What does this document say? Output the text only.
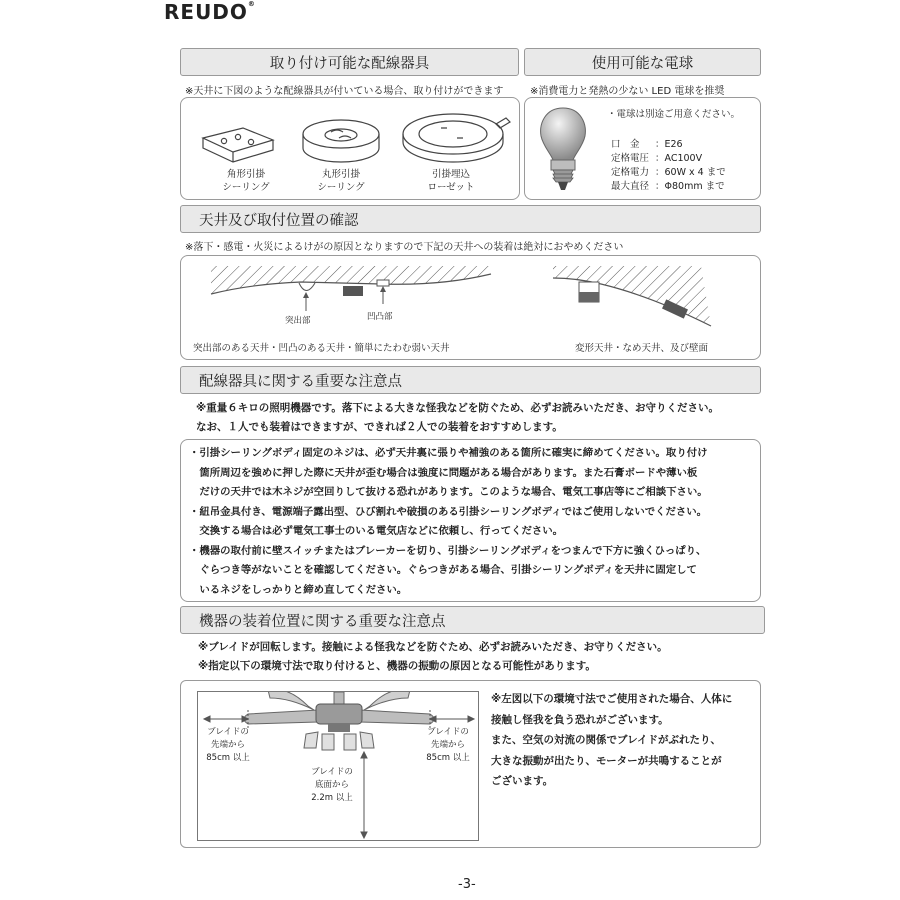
REUDO®
取り付け可能な配線器具	使用可能な電球
※天井に下図のような配線器具が付いている場合、取り付けができます	※消費電力と発熱の少ない LED 電球を推奨
角形引掛
シーリング
丸形引掛
シーリング
引掛埋込
ローゼット
・電球は別途ご用意ください。
口　金 ：E26
定格電圧 ：AC100V
定格電力 ：60W x 4 まで
最大直径 ：Φ80mm まで
天井及び取付位置の確認
※落下・感電・火災によるけがの原因となりますので下記の天井への装着は絶対におやめください
突出部	凹凸部
突出部のある天井・凹凸のある天井・簡単にたわむ弱い天井	変形天井・なめ天井、及び壁面
配線器具に関する重要な注意点
※重量６キロの照明機器です。落下による大きな怪我などを防ぐため、必ずお読みいただき、お守りください。
なお、１人でも装着はできますが、できれば２人での装着をおすすめします。
・引掛シーリングボディ固定のネジは、必ず天井裏に張りや補強のある箇所に確実に締めてください。取り付け
　箇所周辺を強めに押した際に天井が歪む場合は強度に問題がある場合があります。また石膏ボードや薄い板
　だけの天井では木ネジが空回りして抜ける恐れがあります。このような場合、電気工事店等にご相談下さい。
・紐吊金具付き、電源端子露出型、ひび割れや破損のある引掛シーリングボディではご使用しないでください。
　交換する場合は必ず電気工事士のいる電気店などに依頼し、行ってください。
・機器の取付前に壁スイッチまたはブレーカーを切り、引掛シーリングボディをつまんで下方に強くひっぱり、
　ぐらつき等がないことを確認してください。ぐらつきがある場合、引掛シーリングボディを天井に固定して
　いるネジをしっかりと締め直してください。
機器の装着位置に関する重要な注意点
※ブレイドが回転します。接触による怪我などを防ぐため、必ずお読みいただき、お守りください。
※指定以下の環境寸法で取り付けると、機器の振動の原因となる可能性があります。
ブレイドの
先端から
85cm 以上
ブレイドの
先端から
85cm 以上
ブレイドの
底面から
2.2m 以上
※左図以下の環境寸法でご使用された場合、人体に
接触し怪我を負う恐れがございます。
また、空気の対流の関係でブレイドがぶれたり、
大きな振動が出たり、モーターが共鳴することが
ございます。
-3-
